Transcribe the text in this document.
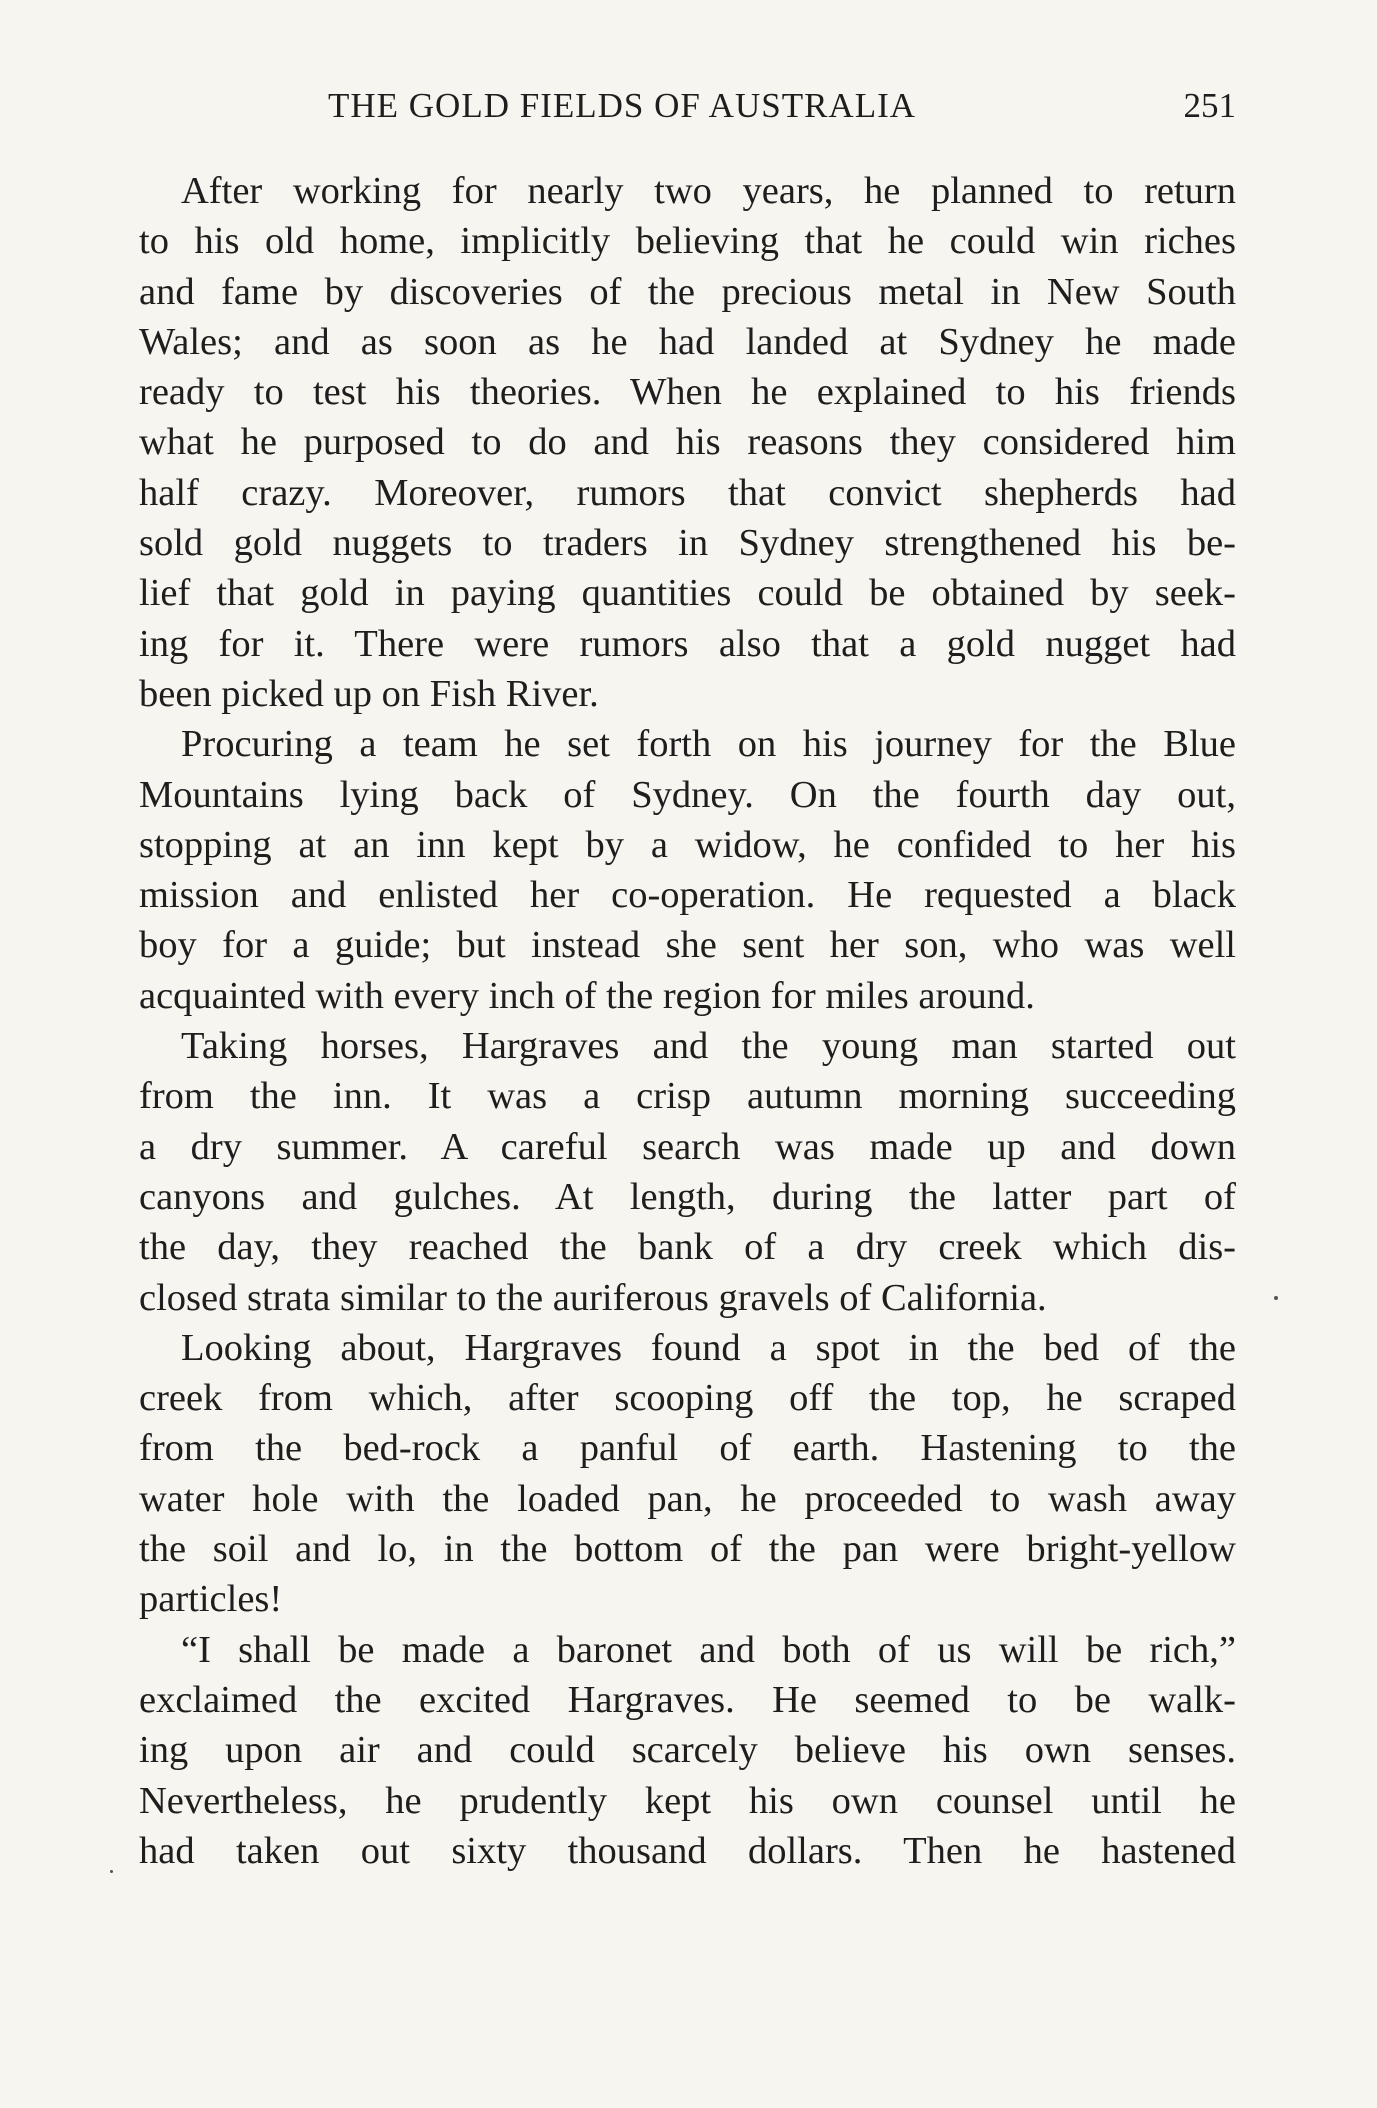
THE GOLD FIELDS OF AUSTRALIA	251
After working for nearly two years, he planned to return
to his old home, implicitly believing that he could win riches
and fame by discoveries of the precious metal in New South
Wales; and as soon as he had landed at Sydney he made
ready to test his theories. When he explained to his friends
what he purposed to do and his reasons they considered him
half crazy. Moreover, rumors that convict shepherds had
sold gold nuggets to traders in Sydney strengthened his be-
lief that gold in paying quantities could be obtained by seek-
ing for it. There were rumors also that a gold nugget had
been picked up on Fish River.
Procuring a team he set forth on his journey for the Blue
Mountains lying back of Sydney. On the fourth day out,
stopping at an inn kept by a widow, he confided to her his
mission and enlisted her co-operation. He requested a black
boy for a guide; but instead she sent her son, who was well
acquainted with every inch of the region for miles around.
Taking horses, Hargraves and the young man started out
from the inn. It was a crisp autumn morning succeeding
a dry summer. A careful search was made up and down
canyons and gulches. At length, during the latter part of
the day, they reached the bank of a dry creek which dis-
closed strata similar to the auriferous gravels of California.
Looking about, Hargraves found a spot in the bed of the
creek from which, after scooping off the top, he scraped
from the bed-rock a panful of earth. Hastening to the
water hole with the loaded pan, he proceeded to wash away
the soil and lo, in the bottom of the pan were bright-yellow
particles!
“I shall be made a baronet and both of us will be rich,”
exclaimed the excited Hargraves. He seemed to be walk-
ing upon air and could scarcely believe his own senses.
Nevertheless, he prudently kept his own counsel until he
had taken out sixty thousand dollars. Then he hastened
